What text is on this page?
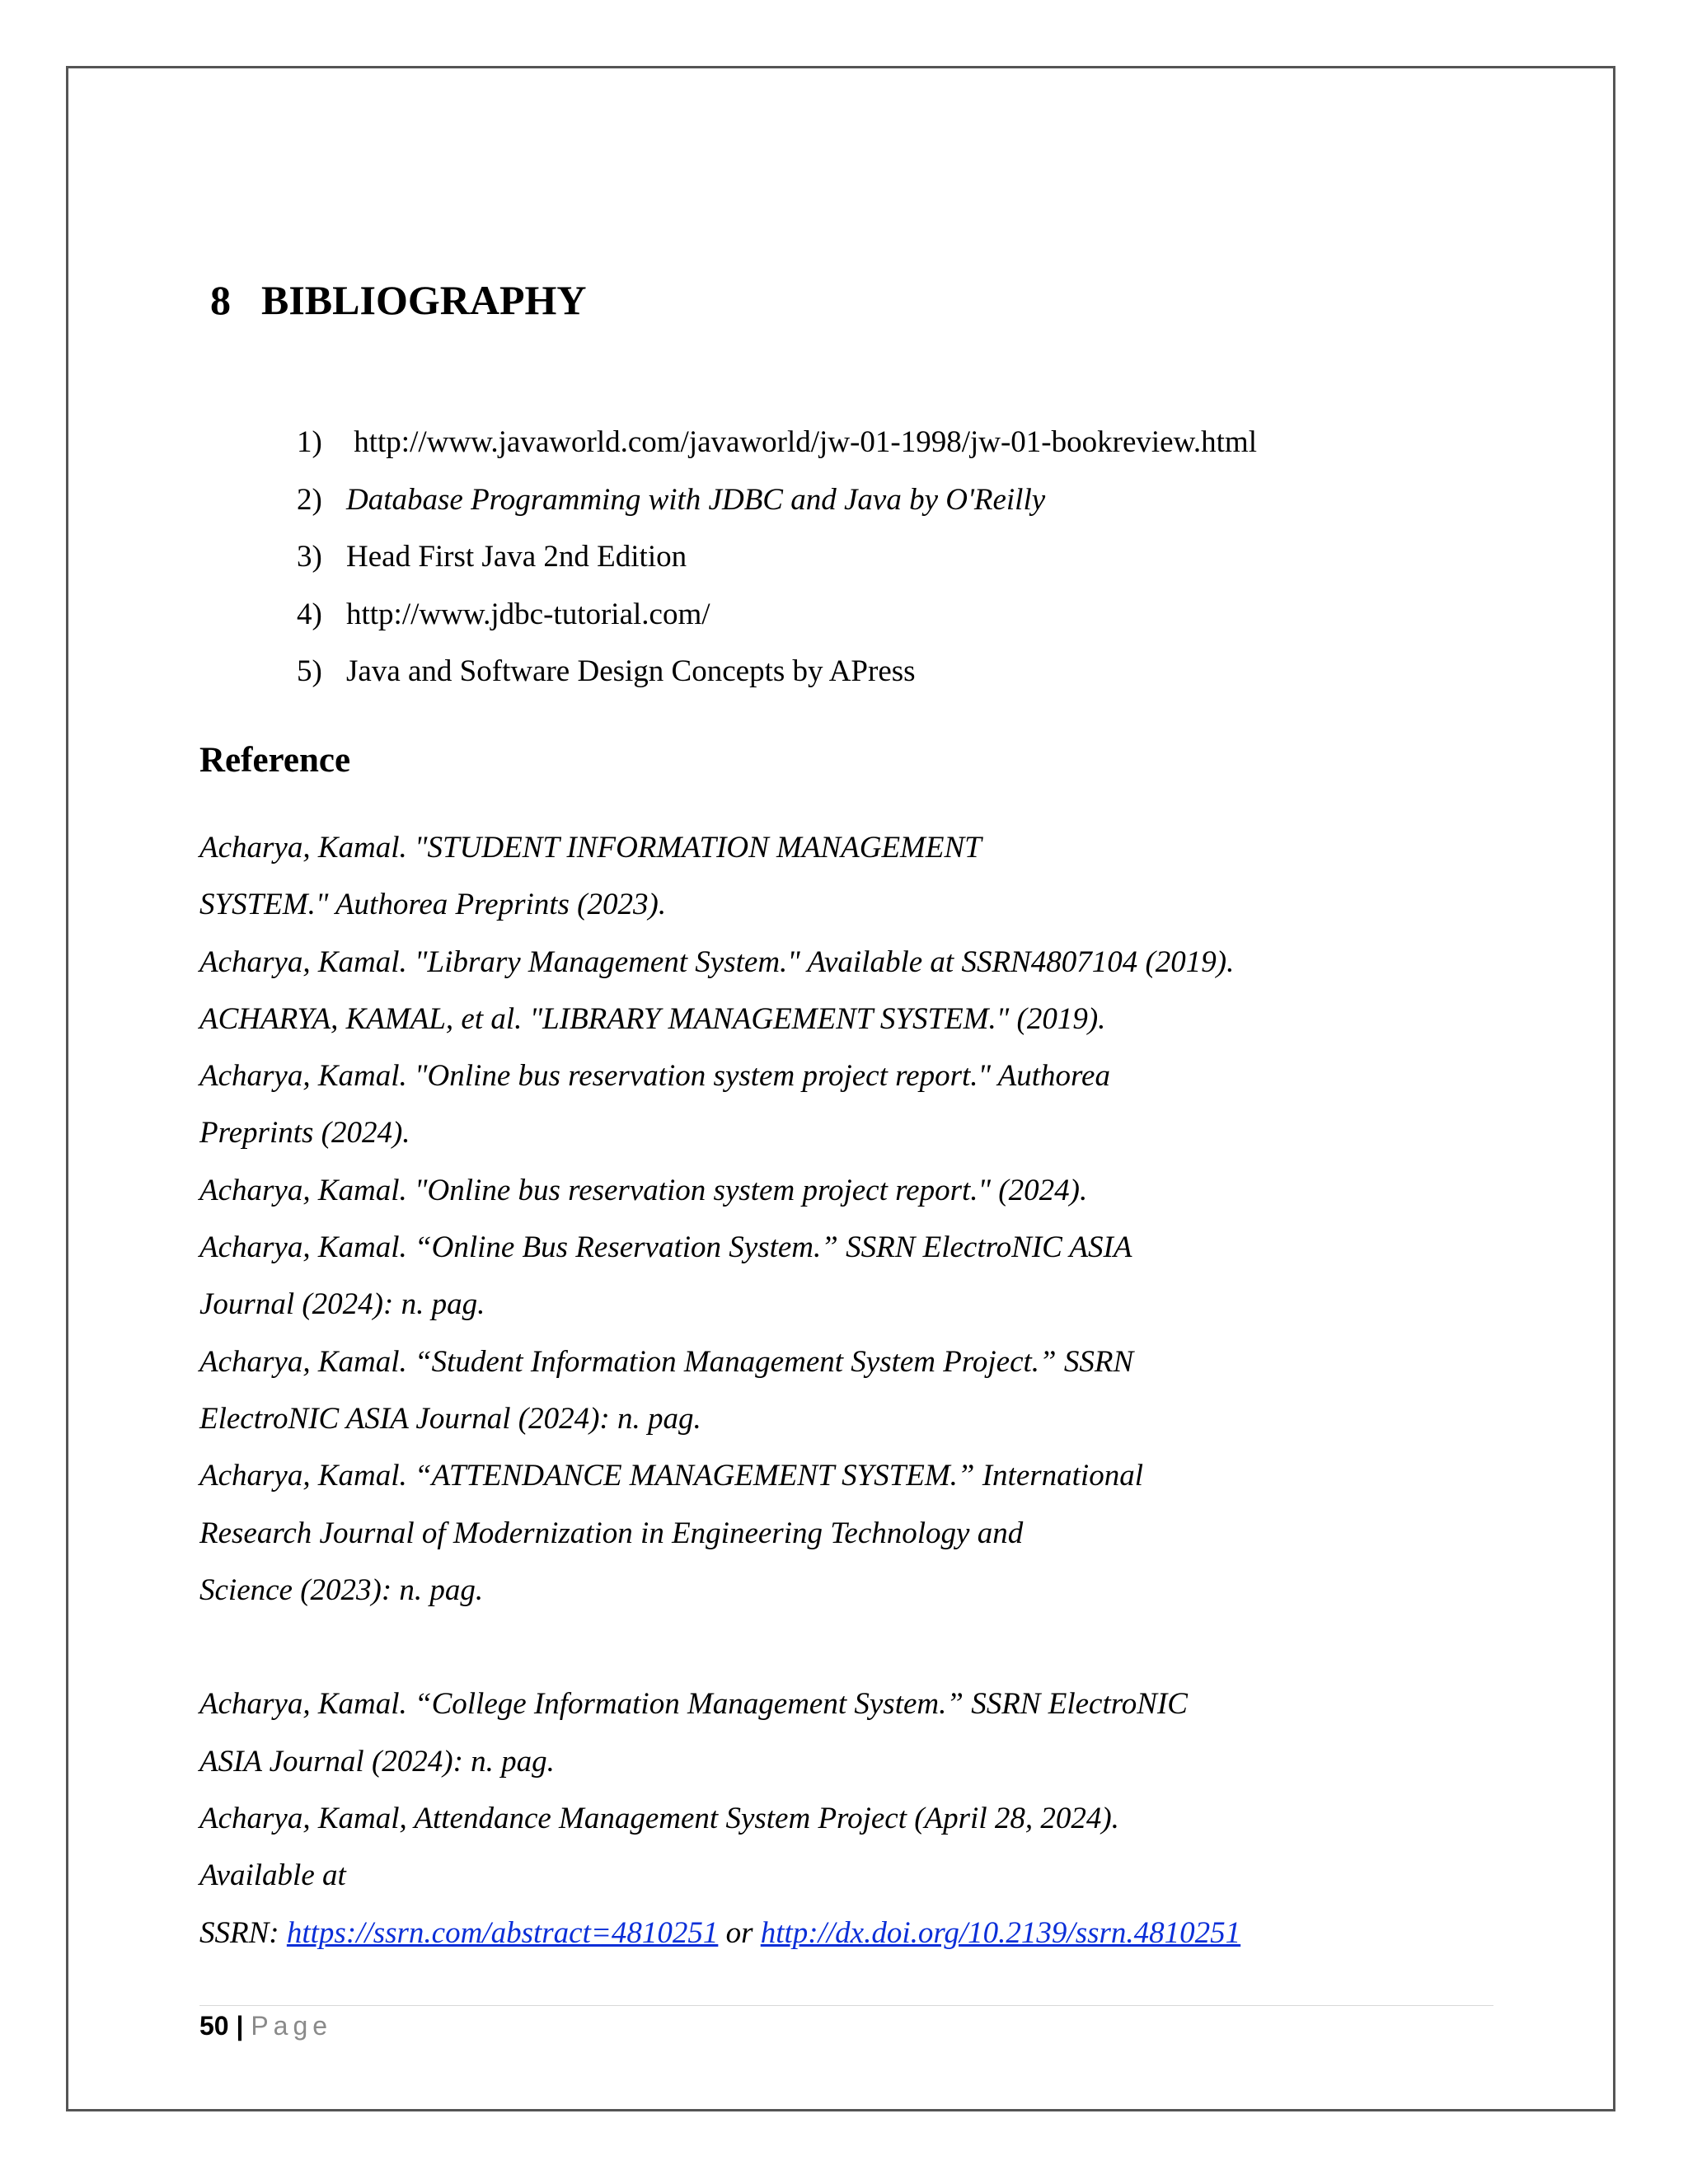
8 BIBLIOGRAPHY
1) http://www.javaworld.com/javaworld/jw-01-1998/jw-01-bookreview.html
2) Database Programming with JDBC and Java by O'Reilly
3) Head First Java 2nd Edition
4) http://www.jdbc-tutorial.com/
5) Java and Software Design Concepts by APress
Reference
Acharya, Kamal. "STUDENT INFORMATION MANAGEMENT
SYSTEM." Authorea Preprints (2023).
Acharya, Kamal. "Library Management System." Available at SSRN4807104 (2019).
ACHARYA, KAMAL, et al. "LIBRARY MANAGEMENT SYSTEM." (2019).
Acharya, Kamal. "Online bus reservation system project report." Authorea
Preprints (2024).
Acharya, Kamal. "Online bus reservation system project report." (2024).
Acharya, Kamal. “Online Bus Reservation System.” SSRN ElectroNIC ASIA
Journal (2024): n. pag.
Acharya, Kamal. “Student Information Management System Project.” SSRN
ElectroNIC ASIA Journal (2024): n. pag.
Acharya, Kamal. “ATTENDANCE MANAGEMENT SYSTEM.” International
Research Journal of Modernization in Engineering Technology and
Science (2023): n. pag.
Acharya, Kamal. “College Information Management System.” SSRN ElectroNIC
ASIA Journal (2024): n. pag.
Acharya, Kamal, Attendance Management System Project (April 28, 2024).
Available at
SSRN: https://ssrn.com/abstract=4810251 or http://dx.doi.org/10.2139/ssrn.4810251
50 | Page
